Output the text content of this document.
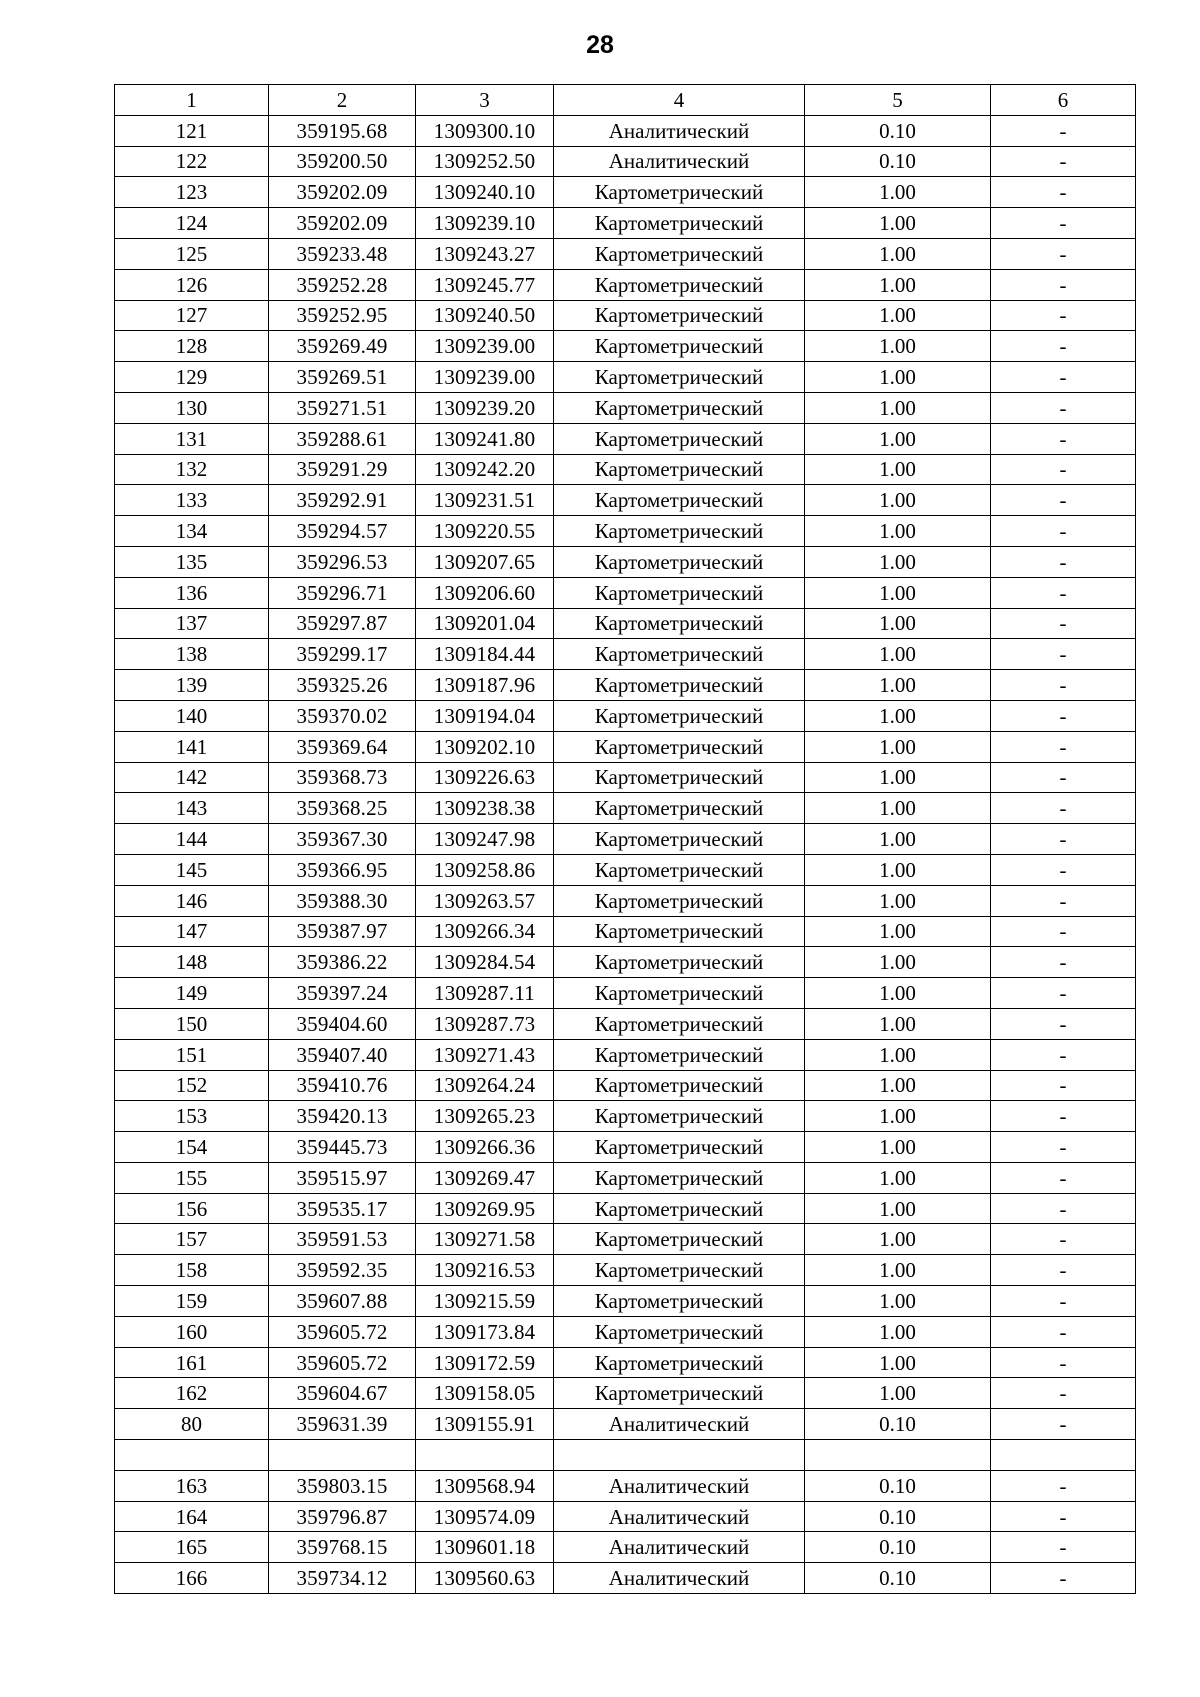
28
1	2	3	4	5	6
121	359195.68	1309300.10	Аналитический	0.10	-
122	359200.50	1309252.50	Аналитический	0.10	-
123	359202.09	1309240.10	Картометрический	1.00	-
124	359202.09	1309239.10	Картометрический	1.00	-
125	359233.48	1309243.27	Картометрический	1.00	-
126	359252.28	1309245.77	Картометрический	1.00	-
127	359252.95	1309240.50	Картометрический	1.00	-
128	359269.49	1309239.00	Картометрический	1.00	-
129	359269.51	1309239.00	Картометрический	1.00	-
130	359271.51	1309239.20	Картометрический	1.00	-
131	359288.61	1309241.80	Картометрический	1.00	-
132	359291.29	1309242.20	Картометрический	1.00	-
133	359292.91	1309231.51	Картометрический	1.00	-
134	359294.57	1309220.55	Картометрический	1.00	-
135	359296.53	1309207.65	Картометрический	1.00	-
136	359296.71	1309206.60	Картометрический	1.00	-
137	359297.87	1309201.04	Картометрический	1.00	-
138	359299.17	1309184.44	Картометрический	1.00	-
139	359325.26	1309187.96	Картометрический	1.00	-
140	359370.02	1309194.04	Картометрический	1.00	-
141	359369.64	1309202.10	Картометрический	1.00	-
142	359368.73	1309226.63	Картометрический	1.00	-
143	359368.25	1309238.38	Картометрический	1.00	-
144	359367.30	1309247.98	Картометрический	1.00	-
145	359366.95	1309258.86	Картометрический	1.00	-
146	359388.30	1309263.57	Картометрический	1.00	-
147	359387.97	1309266.34	Картометрический	1.00	-
148	359386.22	1309284.54	Картометрический	1.00	-
149	359397.24	1309287.11	Картометрический	1.00	-
150	359404.60	1309287.73	Картометрический	1.00	-
151	359407.40	1309271.43	Картометрический	1.00	-
152	359410.76	1309264.24	Картометрический	1.00	-
153	359420.13	1309265.23	Картометрический	1.00	-
154	359445.73	1309266.36	Картометрический	1.00	-
155	359515.97	1309269.47	Картометрический	1.00	-
156	359535.17	1309269.95	Картометрический	1.00	-
157	359591.53	1309271.58	Картометрический	1.00	-
158	359592.35	1309216.53	Картометрический	1.00	-
159	359607.88	1309215.59	Картометрический	1.00	-
160	359605.72	1309173.84	Картометрический	1.00	-
161	359605.72	1309172.59	Картометрический	1.00	-
162	359604.67	1309158.05	Картометрический	1.00	-
80	359631.39	1309155.91	Аналитический	0.10	-

163	359803.15	1309568.94	Аналитический	0.10	-
164	359796.87	1309574.09	Аналитический	0.10	-
165	359768.15	1309601.18	Аналитический	0.10	-
166	359734.12	1309560.63	Аналитический	0.10	-
